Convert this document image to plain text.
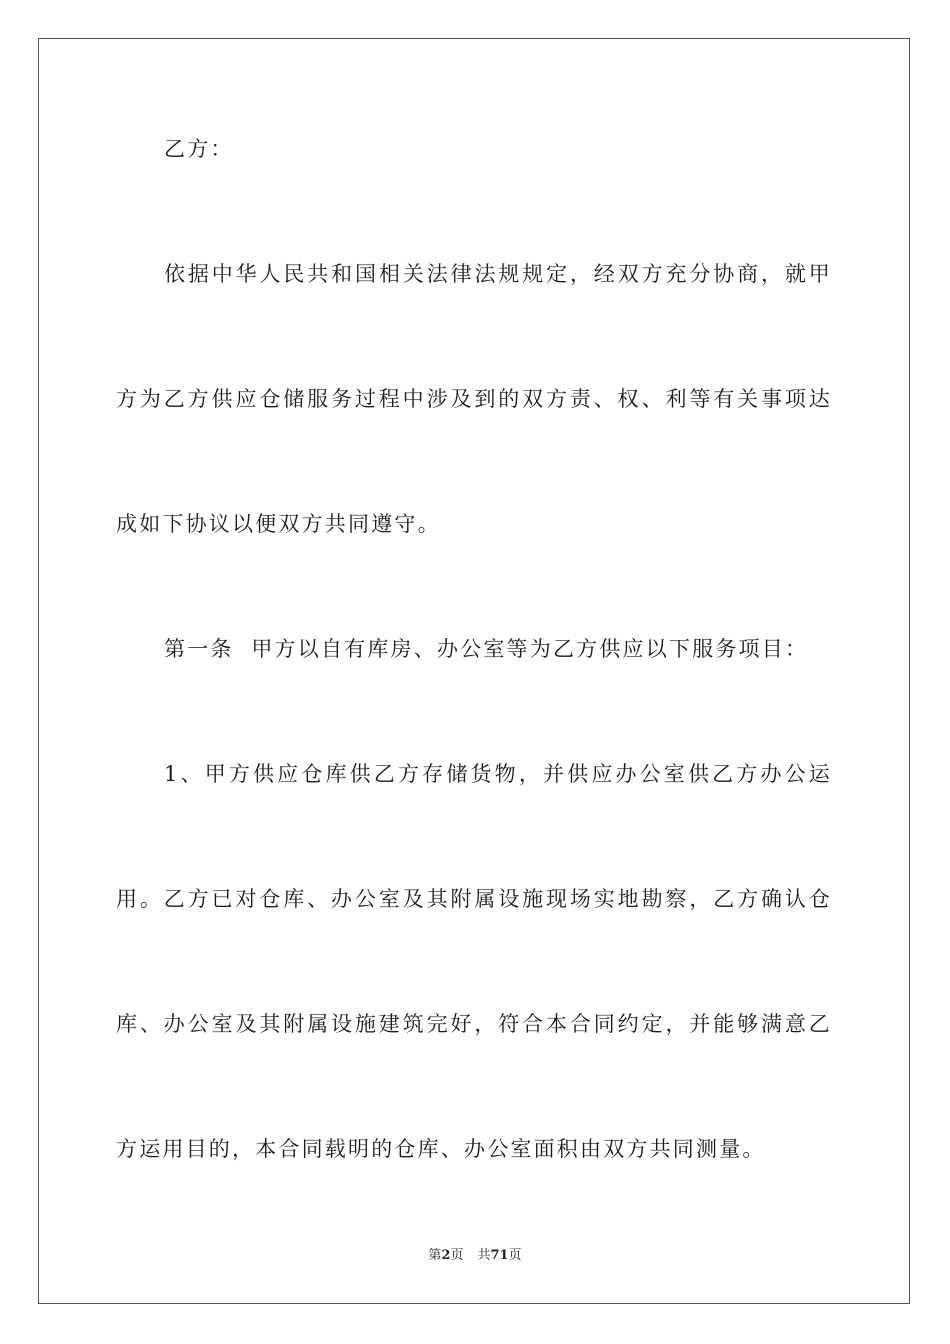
乙方：
依据中华人民共和国相关法律法规规定，经双方充分协商，就甲
方为乙方供应仓储服务过程中涉及到的双方责、权、利等有关事项达
成如下协议以便双方共同遵守。
第一条  甲方以自有库房、办公室等为乙方供应以下服务项目：
1、甲方供应仓库供乙方存储货物，并供应办公室供乙方办公运
用。乙方已对仓库、办公室及其附属设施现场实地勘察，乙方确认仓
库、办公室及其附属设施建筑完好，符合本合同约定，并能够满意乙
方运用目的，本合同载明的仓库、办公室面积由双方共同测量。
第2页 共71页
